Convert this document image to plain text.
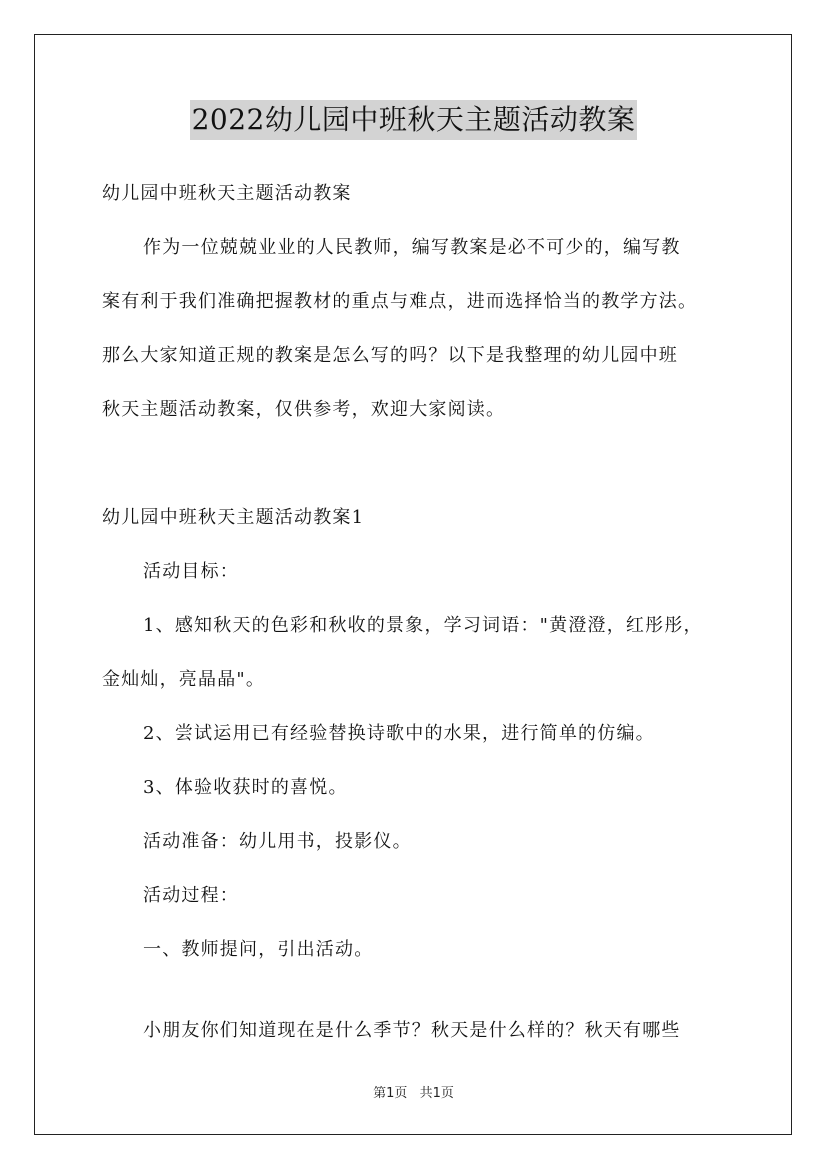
2022幼儿园中班秋天主题活动教案
幼儿园中班秋天主题活动教案
作为一位兢兢业业的人民教师，编写教案是必不可少的，编写教
案有利于我们准确把握教材的重点与难点，进而选择恰当的教学方法。
那么大家知道正规的教案是怎么写的吗？以下是我整理的幼儿园中班
秋天主题活动教案，仅供参考，欢迎大家阅读。
幼儿园中班秋天主题活动教案1
活动目标：
1、感知秋天的色彩和秋收的景象，学习词语："黄澄澄，红彤彤，
金灿灿，亮晶晶"。
2、尝试运用已有经验替换诗歌中的水果，进行简单的仿编。
3、体验收获时的喜悦。
活动准备：幼儿用书，投影仪。
活动过程：
一、教师提问，引出活动。
小朋友你们知道现在是什么季节？秋天是什么样的？秋天有哪些
第1页 共1页
